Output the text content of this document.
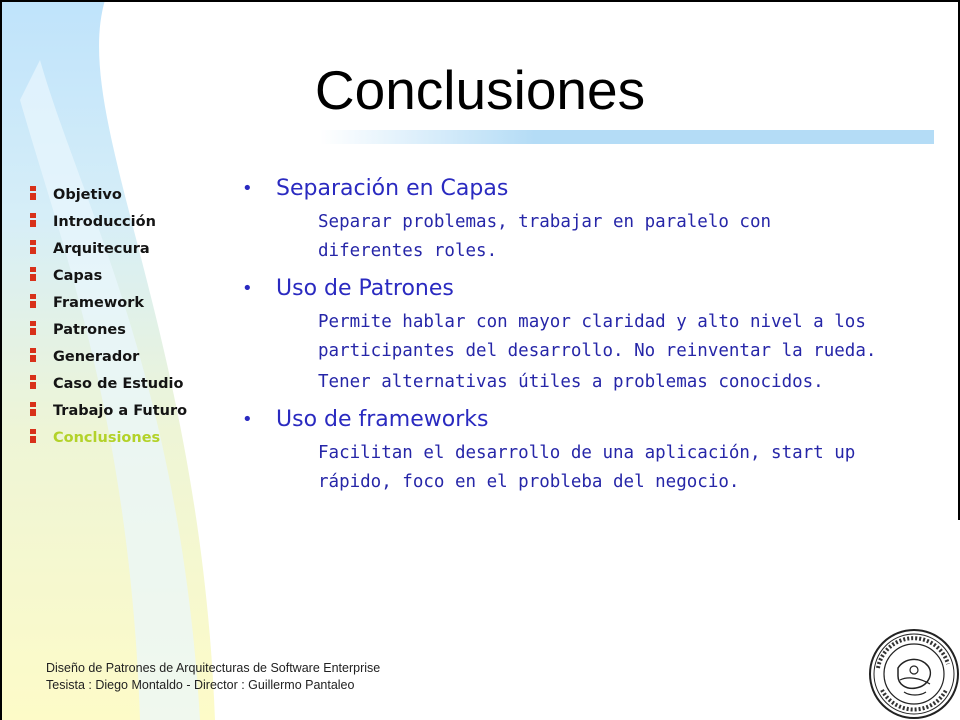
Conclusiones
Objetivo
Introducción
Arquitecura
Capas
Framework
Patrones
Generador
Caso de Estudio
Trabajo a Futuro
Conclusiones
• Separación en Capas

Separar problemas, trabajar en paralelo con diferentes roles.

• Uso de Patrones

Permite hablar con mayor claridad y alto nivel a los participantes del desarrollo. No reinventar la rueda.

Tener alternativas útiles a problemas conocidos.

• Uso de frameworks

Facilitan el desarrollo de una aplicación, start up rápido, foco en el probleba del negocio.

Diseño de Patrones de Arquitecturas de Software Enterprise
Tesista : Diego Montaldo - Director : Guillermo Pantaleo
